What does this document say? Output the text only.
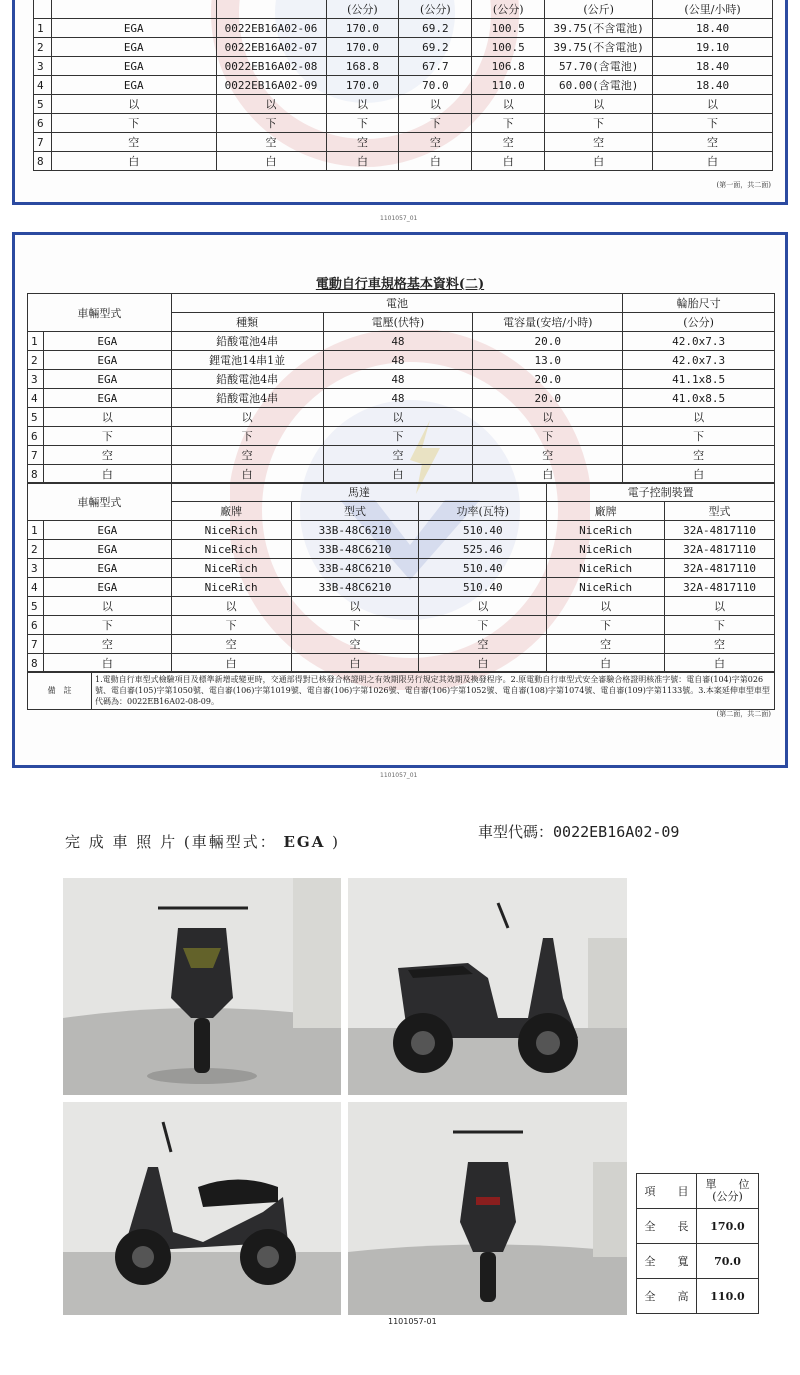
			(公分)	(公分)	(公分)	(公斤)	(公里/小時)
1	EGA	0022EB16A02-06	170.0	69.2	100.5	39.75(不含電池)	18.40
2	EGA	0022EB16A02-07	170.0	69.2	100.5	39.75(不含電池)	19.10
3	EGA	0022EB16A02-08	168.8	67.7	106.8	57.70(含電池)	18.40
4	EGA	0022EB16A02-09	170.0	70.0	110.0	60.00(含電池)	18.40
5	以	以	以	以	以	以	以
6	下	下	下	下	下	下	下
7	空	空	空	空	空	空	空
8	白	白	白	白	白	白	白
(第一面，共二面)
1101057_01
電動自行車規格基本資料(二)
車輛型式		電池			輪胎尺寸
		種類	電壓(伏特)	電容量(安培/小時)	(公分)
1	EGA	鉛酸電池4串	48	20.0	42.0x7.3
2	EGA	鋰電池14串1並	48	13.0	42.0x7.3
3	EGA	鉛酸電池4串	48	20.0	41.1x8.5
4	EGA	鉛酸電池4串	48	20.0	41.0x8.5
5	以	以	以	以	以
6	下	下	下	下	下
7	空	空	空	空	空
8	白	白	白	白	白
車輛型式		馬達			電子控制裝置	
		廠牌	型式	功率(瓦特)	廠牌	型式
1	EGA	NiceRich	33B-48C6210	510.40	NiceRich	32A-4817110
2	EGA	NiceRich	33B-48C6210	525.46	NiceRich	32A-4817110
3	EGA	NiceRich	33B-48C6210	510.40	NiceRich	32A-4817110
4	EGA	NiceRich	33B-48C6210	510.40	NiceRich	32A-4817110
5	以	以	以	以	以	以
6	下	下	下	下	下	下
7	空	空	空	空	空	空
8	白	白	白	白	白	白
備　註	1.電動自行車型式檢驗項目及標準新增或變更時，交通部得對已核發合格證明之有效期限另行規定其效期及換發程序。2.原電動自行車型式安全審驗合格證明核准字號：電自審(104)字第026號、電自審(105)字第1050號、電自審(106)字第1019號、電自審(106)字第1026號、電自審(106)字第1052號、電自審(108)字第1074號、電自審(109)字第1133號。3.本案延伸車型車型代碼為：0022EB16A02-08-09。
(第二面，共二面)
1101057_01
完 成 車 照 片 (車輛型式： EGA )
車型代碼：0022EB16A02-09
項　　目	單　　位
(公分)

全　　長	170.0
全　　寬	70.0
全　　高	110.0
1101057-01
